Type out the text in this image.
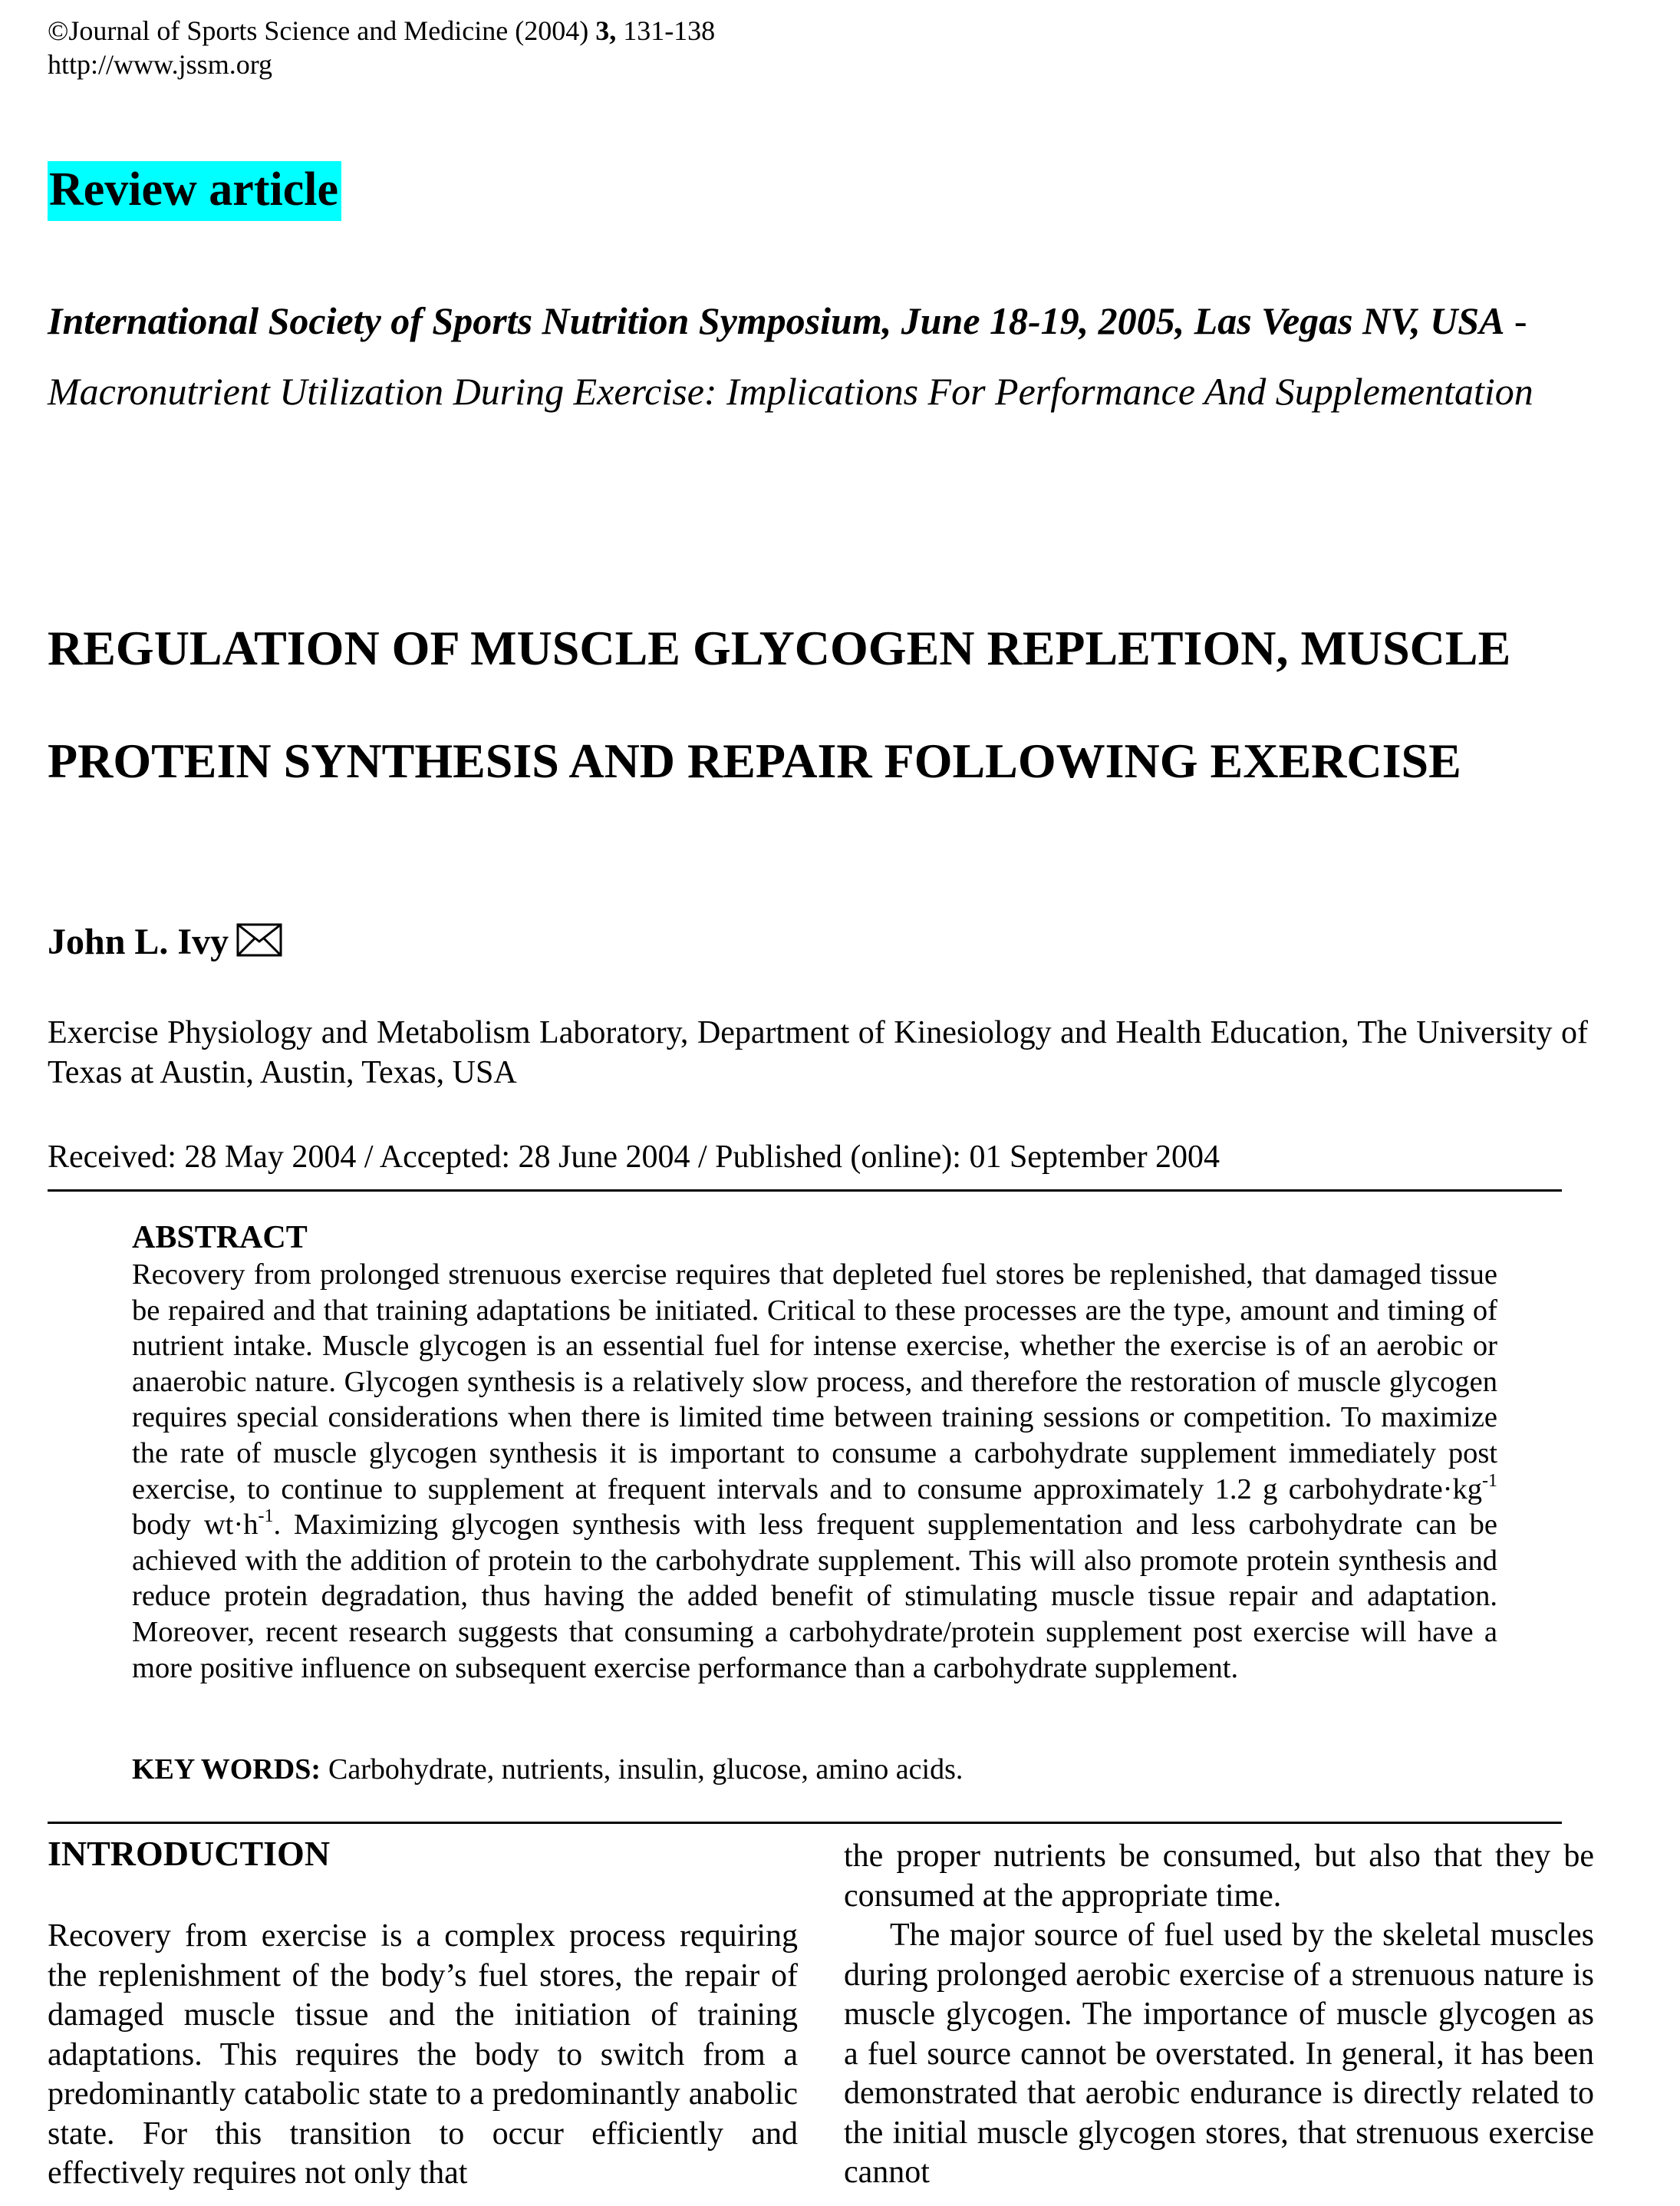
©Journal of Sports Science and Medicine (2004) 3, 131-138
http://www.jssm.org
Review article
International Society of Sports Nutrition Symposium, June 18-19, 2005, Las Vegas NV, USA - Macronutrient Utilization During Exercise: Implications For Performance And Supplementation
REGULATION OF MUSCLE GLYCOGEN REPLETION, MUSCLE
PROTEIN SYNTHESIS AND REPAIR FOLLOWING EXERCISE
John L. Ivy
Exercise Physiology and Metabolism Laboratory, Department of Kinesiology and Health Education, The University of Texas at Austin, Austin, Texas, USA
Received: 28 May 2004 / Accepted: 28 June 2004 / Published (online): 01 September 2004
ABSTRACT
Recovery from prolonged strenuous exercise requires that depleted fuel stores be replenished, that damaged tissue be repaired and that training adaptations be initiated. Critical to these processes are the type, amount and timing of nutrient intake. Muscle glycogen is an essential fuel for intense exercise, whether the exercise is of an aerobic or anaerobic nature. Glycogen synthesis is a relatively slow process, and therefore the restoration of muscle glycogen requires special considerations when there is limited time between training sessions or competition. To maximize the rate of muscle glycogen synthesis it is important to consume a carbohydrate supplement immediately post exercise, to continue to supplement at frequent intervals and to consume approximately 1.2 g $carbohydrate\cdot kg^{-1}$ body $wt\cdot h^{-1}$. Maximizing glycogen synthesis with less frequent supplementation and less carbohydrate can be achieved with the addition of protein to the carbohydrate supplement. This will also promote protein synthesis and reduce protein degradation, thus having the added benefit of stimulating muscle tissue repair and adaptation. Moreover, recent research suggests that consuming a carbohydrate/protein supplement post exercise will have a more positive influence on subsequent exercise performance than a carbohydrate supplement.
KEY WORDS: Carbohydrate, nutrients, insulin, glucose, amino acids.
INTRODUCTION

Recovery from exercise is a complex process requiring the replenishment of the body’s fuel stores, the repair of damaged muscle tissue and the initiation of training adaptations. This requires the body to switch from a predominantly catabolic state to a predominantly anabolic state. For this transition to occur efficiently and effectively requires not only that

the proper nutrients be consumed, but also that they be consumed at the appropriate time.

The major source of fuel used by the skeletal muscles during prolonged aerobic exercise of a strenuous nature is muscle glycogen. The importance of muscle glycogen as a fuel source cannot be overstated. In general, it has been demonstrated that aerobic endurance is directly related to the initial muscle glycogen stores, that strenuous exercise cannot
